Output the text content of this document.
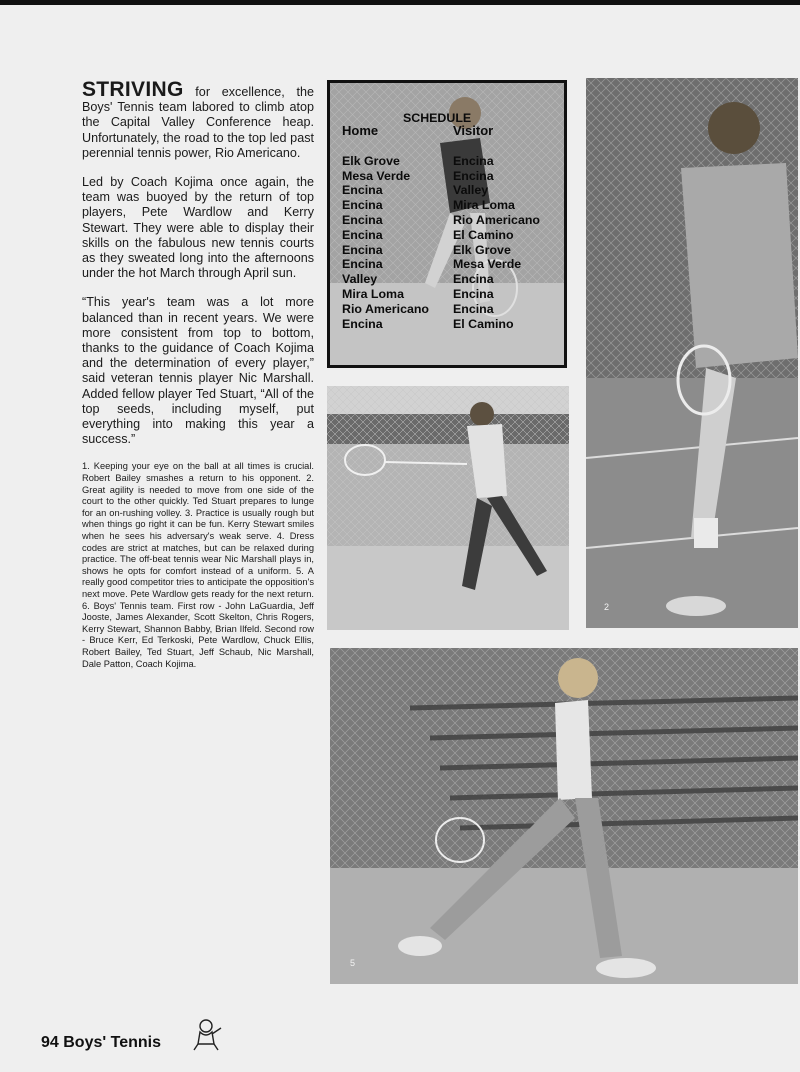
STRIVING for excellence, the Boys' Tennis team labored to climb atop the Capital Valley Conference heap. Unfortunately, the road to the top led past perennial tennis power, Rio Americano.

Led by Coach Kojima once again, the team was buoyed by the return of top players, Pete Wardlow and Kerry Stewart. They were able to display their skills on the fabulous new tennis courts as they sweated long into the afternoons under the hot March through April sun.

“This year's team was a lot more balanced than in recent years. We were more consistent from top to bottom, thanks to the guidance of Coach Kojima and the determination of every player,” said veteran tennis player Nic Marshall. Added fellow player Ted Stuart, “All of the top seeds, including myself, put everything into making this year a success.”

1. Keeping your eye on the ball at all times is crucial. Robert Bailey smashes a return to his opponent. 2. Great agility is needed to move from one side of the court to the other quickly. Ted Stuart prepares to lunge for an on-rushing volley. 3. Practice is usually rough but when things go right it can be fun. Kerry Stewart smiles when he sees his adversary's weak serve. 4. Dress codes are strict at matches, but can be relaxed during practice. The off-beat tennis wear Nic Marshall plays in, shows he opts for comfort instead of a uniform. 5. A really good competitor tries to anticipate the opposition's next move. Pete Wardlow gets ready for the next return. 6. Boys' Tennis team. First row - John LaGuardia, Jeff Jooste, James Alexander, Scott Skelton, Chris Rogers, Kerry Stewart, Shannon Babby, Brian Ilfeld. Second row - Bruce Kerr, Ed Terkoski, Pete Wardlow, Chuck Ellis, Robert Bailey, Ted Stuart, Jeff Schaub, Nic Marshall, Dale Patton, Coach Kojima.
SCHEDULE
Home	Visitor
Elk Grove	Encina
Mesa Verde	Encina
Encina	Valley
Encina	Mira Loma
Encina	Rio Americano
Encina	El Camino
Encina	Elk Grove
Encina	Mesa Verde
Valley	Encina
Mira Loma	Encina
Rio Americano	Encina
Encina	El Camino
2
5
94 Boys' Tennis
